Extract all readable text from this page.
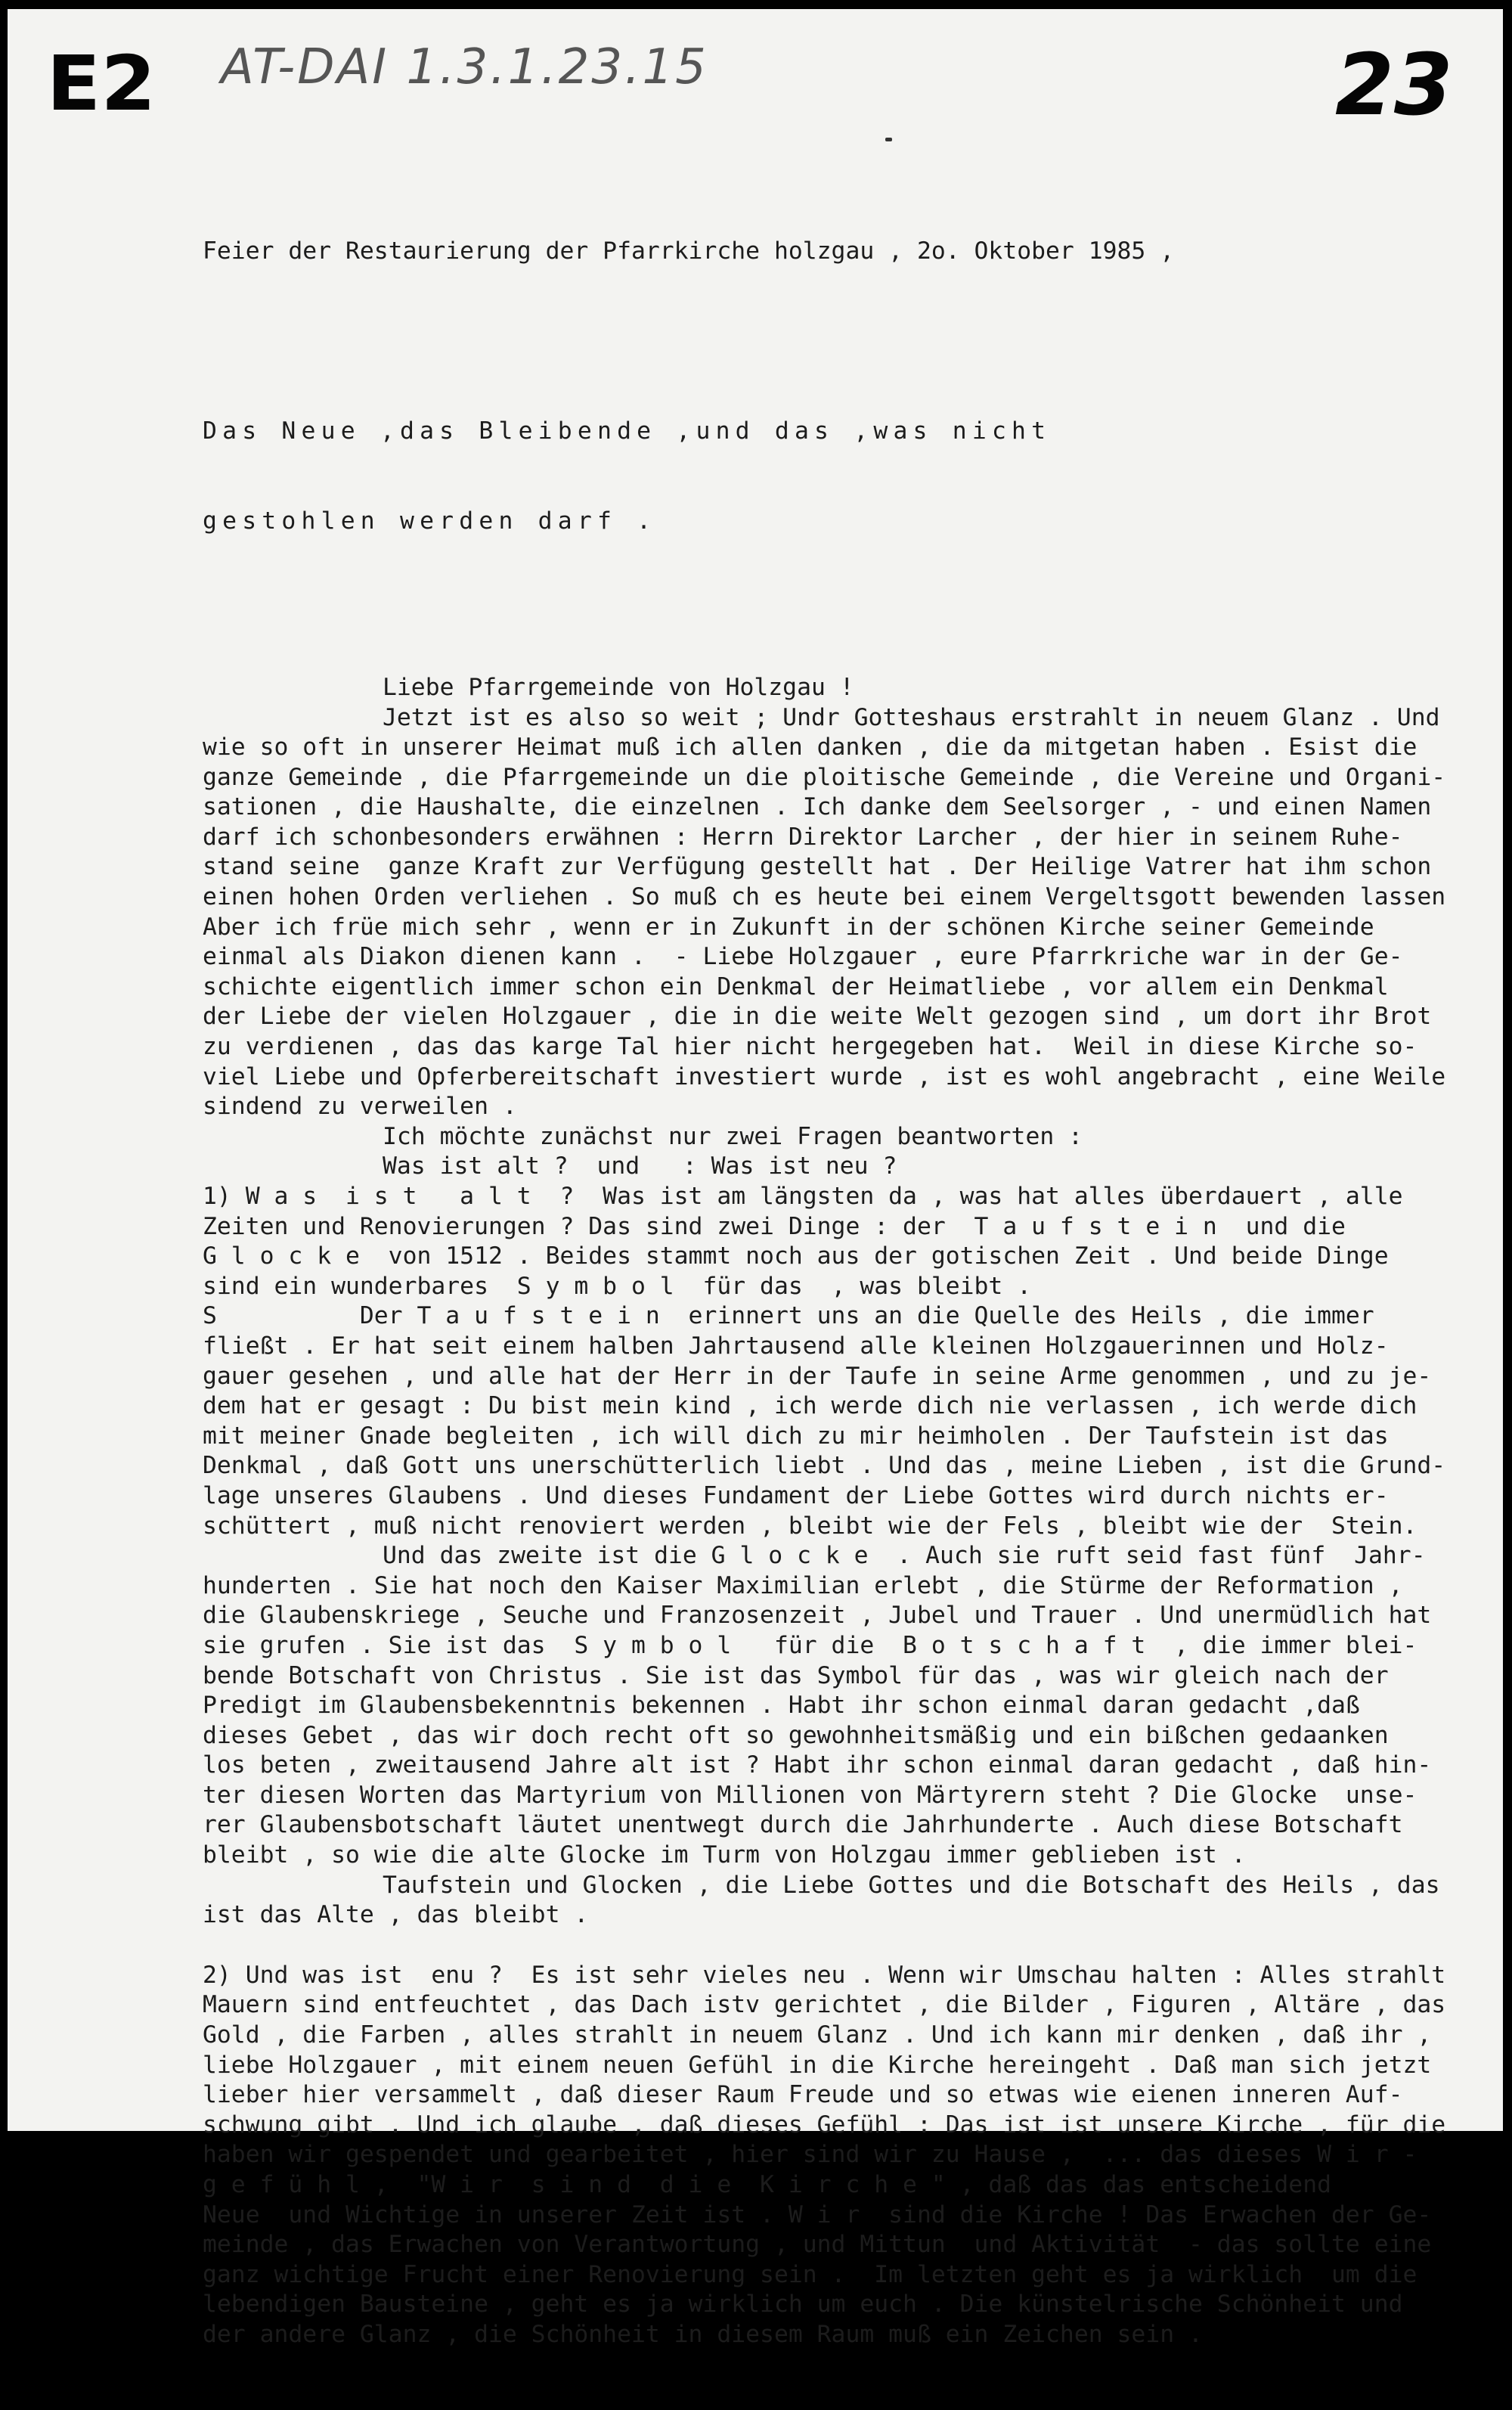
E2 AT-DAI 1.3.1.23.15	23

Feier der Restaurierung der Pfarrkirche holzgau , 2o. Oktober 1985 ,

Das Neue ,das Bleibende ,und das ,was nicht

gestohlen werden darf .

Liebe Pfarrgemeinde von Holzgau !
Jetzt ist es also so weit ; Undr Gotteshaus erstrahlt in neuem Glanz . Und
wie so oft in unserer Heimat muß ich allen danken , die da mitgetan haben . Esist die
ganze Gemeinde , die Pfarrgemeinde un die ploitische Gemeinde , die Vereine und Organi-
sationen , die Haushalte, die einzelnen . Ich danke dem Seelsorger , - und einen Namen
darf ich schonbesonders erwähnen : Herrn Direktor Larcher , der hier in seinem Ruhe-
stand seine  ganze Kraft zur Verfügung gestellt hat . Der Heilige Vatrer hat ihm schon
einen hohen Orden verliehen . So muß ch es heute bei einem Vergeltsgott bewenden lassen
Aber ich früe mich sehr , wenn er in Zukunft in der schönen Kirche seiner Gemeinde
einmal als Diakon dienen kann .  - Liebe Holzgauer , eure Pfarrkriche war in der Ge-
schichte eigentlich immer schon ein Denkmal der Heimatliebe , vor allem ein Denkmal
der Liebe der vielen Holzgauer , die in die weite Welt gezogen sind , um dort ihr Brot
zu verdienen , das das karge Tal hier nicht hergegeben hat.  Weil in diese Kirche so-
viel Liebe und Opferbereitschaft investiert wurde , ist es wohl angebracht , eine Weile
sindend zu verweilen .
Ich möchte zunächst nur zwei Fragen beantworten :
Was ist alt ?  und   : Was ist neu ?
1) W a s  i s t   a l t  ?  Was ist am längsten da , was hat alles überdauert , alle
Zeiten und Renovierungen ? Das sind zwei Dinge : der  T a u f s t e i n  und die
G l o c k e  von 1512 . Beides stammt noch aus der gotischen Zeit . Und beide Dinge
sind ein wunderbares  S y m b o l  für das  , was bleibt .
S          Der T a u f s t e i n  erinnert uns an die Quelle des Heils , die immer
fließt . Er hat seit einem halben Jahrtausend alle kleinen Holzgauerinnen und Holz-
gauer gesehen , und alle hat der Herr in der Taufe in seine Arme genommen , und zu je-
dem hat er gesagt : Du bist mein kind , ich werde dich nie verlassen , ich werde dich
mit meiner Gnade begleiten , ich will dich zu mir heimholen . Der Taufstein ist das
Denkmal , daß Gott uns unerschütterlich liebt . Und das , meine Lieben , ist die Grund-
lage unseres Glaubens . Und dieses Fundament der Liebe Gottes wird durch nichts er-
schüttert , muß nicht renoviert werden , bleibt wie der Fels , bleibt wie der  Stein.
Und das zweite ist die G l o c k e  . Auch sie ruft seid fast fünf  Jahr-
hunderten . Sie hat noch den Kaiser Maximilian erlebt , die Stürme der Reformation ,
die Glaubenskriege , Seuche und Franzosenzeit , Jubel und Trauer . Und unermüdlich hat
sie grufen . Sie ist das  S y m b o l   für die  B o t s c h a f t  , die immer blei-
bende Botschaft von Christus . Sie ist das Symbol für das , was wir gleich nach der
Predigt im Glaubensbekenntnis bekennen . Habt ihr schon einmal daran gedacht ,daß
dieses Gebet , das wir doch recht oft so gewohnheitsmäßig und ein bißchen gedaanken
los beten , zweitausend Jahre alt ist ? Habt ihr schon einmal daran gedacht , daß hin-
ter diesen Worten das Martyrium von Millionen von Märtyrern steht ? Die Glocke  unse-
rer Glaubensbotschaft läutet unentwegt durch die Jahrhunderte . Auch diese Botschaft
bleibt , so wie die alte Glocke im Turm von Holzgau immer geblieben ist .
Taufstein und Glocken , die Liebe Gottes und die Botschaft des Heils , das
ist das Alte , das bleibt .
2) Und was ist  enu ?  Es ist sehr vieles neu . Wenn wir Umschau halten : Alles strahlt
Mauern sind entfeuchtet , das Dach istv gerichtet , die Bilder , Figuren , Altäre , das
Gold , die Farben , alles strahlt in neuem Glanz . Und ich kann mir denken , daß ihr ,
liebe Holzgauer , mit einem neuen Gefühl in die Kirche hereingeht . Daß man sich jetzt
lieber hier versammelt , daß dieser Raum Freude und so etwas wie eienen inneren Auf-
schwung gibt . Und ich glaube , daß dieses Gefühl : Das ist ist unsere Kirche , für die
haben wir gespendet und gearbeitet , hier sind wir zu Hause ,  ... das dieses W i r -
g e f ü h l ,  "W i r  s i n d  d i e  K i r c h e " , daß das das entscheidend
Neue  und Wichtige in unserer Zeit ist . W i r  sind die Kirche ! Das Erwachen der Ge-
meinde , das Erwachen von Verantwortung , und Mittun  und Aktivität  - das sollte eine
ganz wichtige Frucht einer Renovierung sein .  Im letzten geht es ja wirklich  um die
lebendigen Bausteine , geht es ja wirklich um euch . Die künstelrische Schönheit und
der andere Glanz , die Schönheit in diesem Raum muß ein Zeichen sein .
